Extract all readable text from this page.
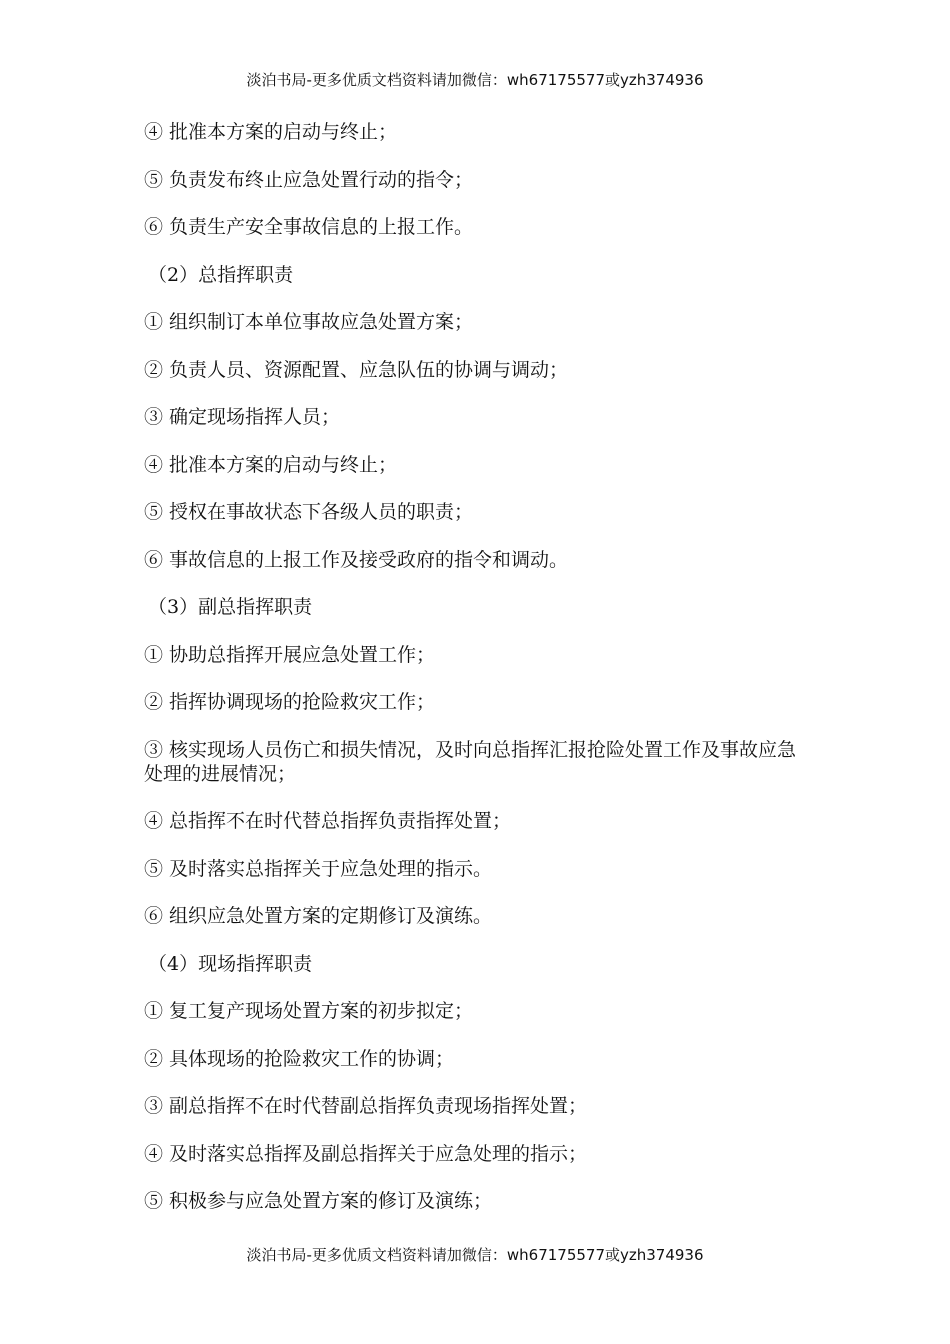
淡泊书局-更多优质文档资料请加微信：wh67175577或yzh374936

④ 批准本方案的启动与终止；

⑤ 负责发布终止应急处置行动的指令；

⑥ 负责生产安全事故信息的上报工作。

（2）总指挥职责

① 组织制订本单位事故应急处置方案；

② 负责人员、资源配置、应急队伍的协调与调动；

③ 确定现场指挥人员；

④ 批准本方案的启动与终止；

⑤ 授权在事故状态下各级人员的职责；

⑥ 事故信息的上报工作及接受政府的指令和调动。

（3）副总指挥职责

① 协助总指挥开展应急处置工作；

② 指挥协调现场的抢险救灾工作；

③ 核实现场人员伤亡和损失情况，及时向总指挥汇报抢险处置工作及事故应急处理的进展情况；

④ 总指挥不在时代替总指挥负责指挥处置；

⑤ 及时落实总指挥关于应急处理的指示。

⑥ 组织应急处置方案的定期修订及演练。

（4）现场指挥职责

① 复工复产现场处置方案的初步拟定；

② 具体现场的抢险救灾工作的协调；

③ 副总指挥不在时代替副总指挥负责现场指挥处置；

④ 及时落实总指挥及副总指挥关于应急处理的指示；

⑤ 积极参与应急处置方案的修订及演练；

淡泊书局-更多优质文档资料请加微信：wh67175577或yzh374936
